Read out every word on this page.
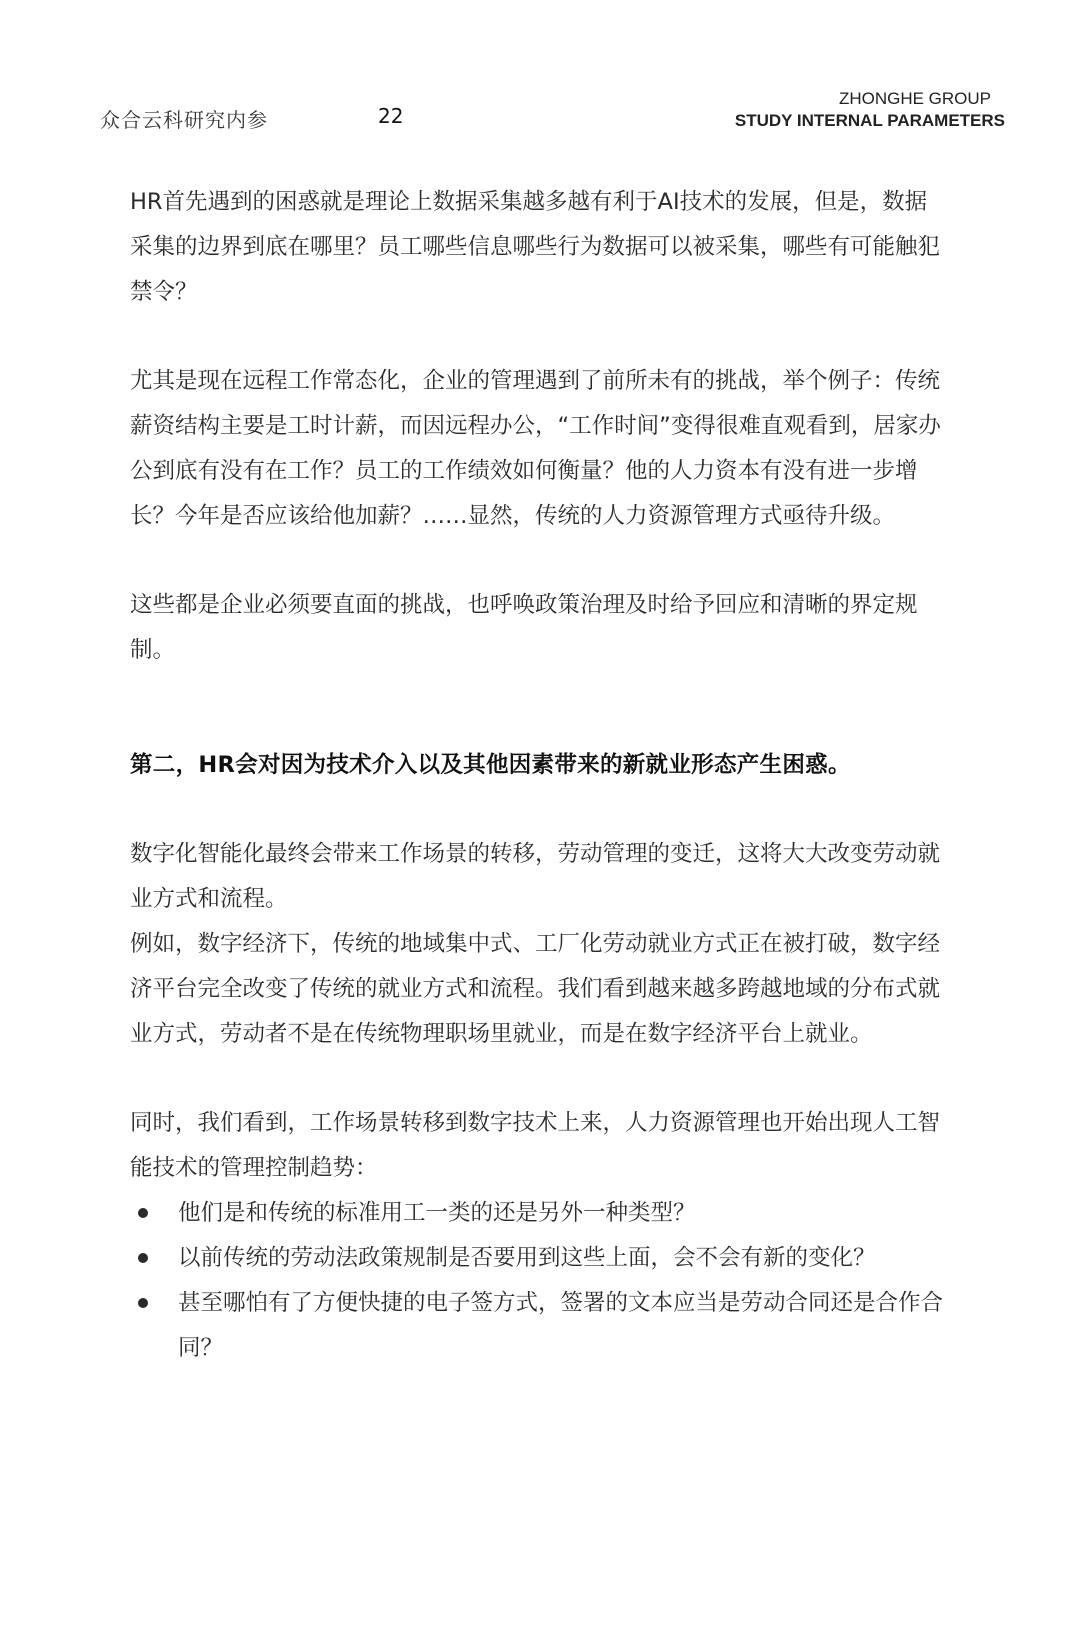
众合云科研究内参	22
ZHONGHE GROUP
STUDY INTERNAL PARAMETERS

HR首先遇到的困惑就是理论上数据采集越多越有利于AI技术的发展，但是，数据采集的边界到底在哪里？员工哪些信息哪些行为数据可以被采集，哪些有可能触犯禁令？

尤其是现在远程工作常态化，企业的管理遇到了前所未有的挑战，举个例子：传统薪资结构主要是工时计薪，而因远程办公，“工作时间”变得很难直观看到，居家办公到底有没有在工作？员工的工作绩效如何衡量？他的人力资本有没有进一步增长？今年是否应该给他加薪？……显然，传统的人力资源管理方式亟待升级。

这些都是企业必须要直面的挑战，也呼唤政策治理及时给予回应和清晰的界定规制。

第二，HR会对因为技术介入以及其他因素带来的新就业形态产生困惑。

数字化智能化最终会带来工作场景的转移，劳动管理的变迁，这将大大改变劳动就业方式和流程。

例如，数字经济下，传统的地域集中式、工厂化劳动就业方式正在被打破，数字经济平台完全改变了传统的就业方式和流程。我们看到越来越多跨越地域的分布式就业方式，劳动者不是在传统物理职场里就业，而是在数字经济平台上就业。

同时，我们看到，工作场景转移到数字技术上来，人力资源管理也开始出现人工智能技术的管理控制趋势：

他们是和传统的标准用工一类的还是另外一种类型？
以前传统的劳动法政策规制是否要用到这些上面，会不会有新的变化？
甚至哪怕有了方便快捷的电子签方式，签署的文本应当是劳动合同还是合作合同？
